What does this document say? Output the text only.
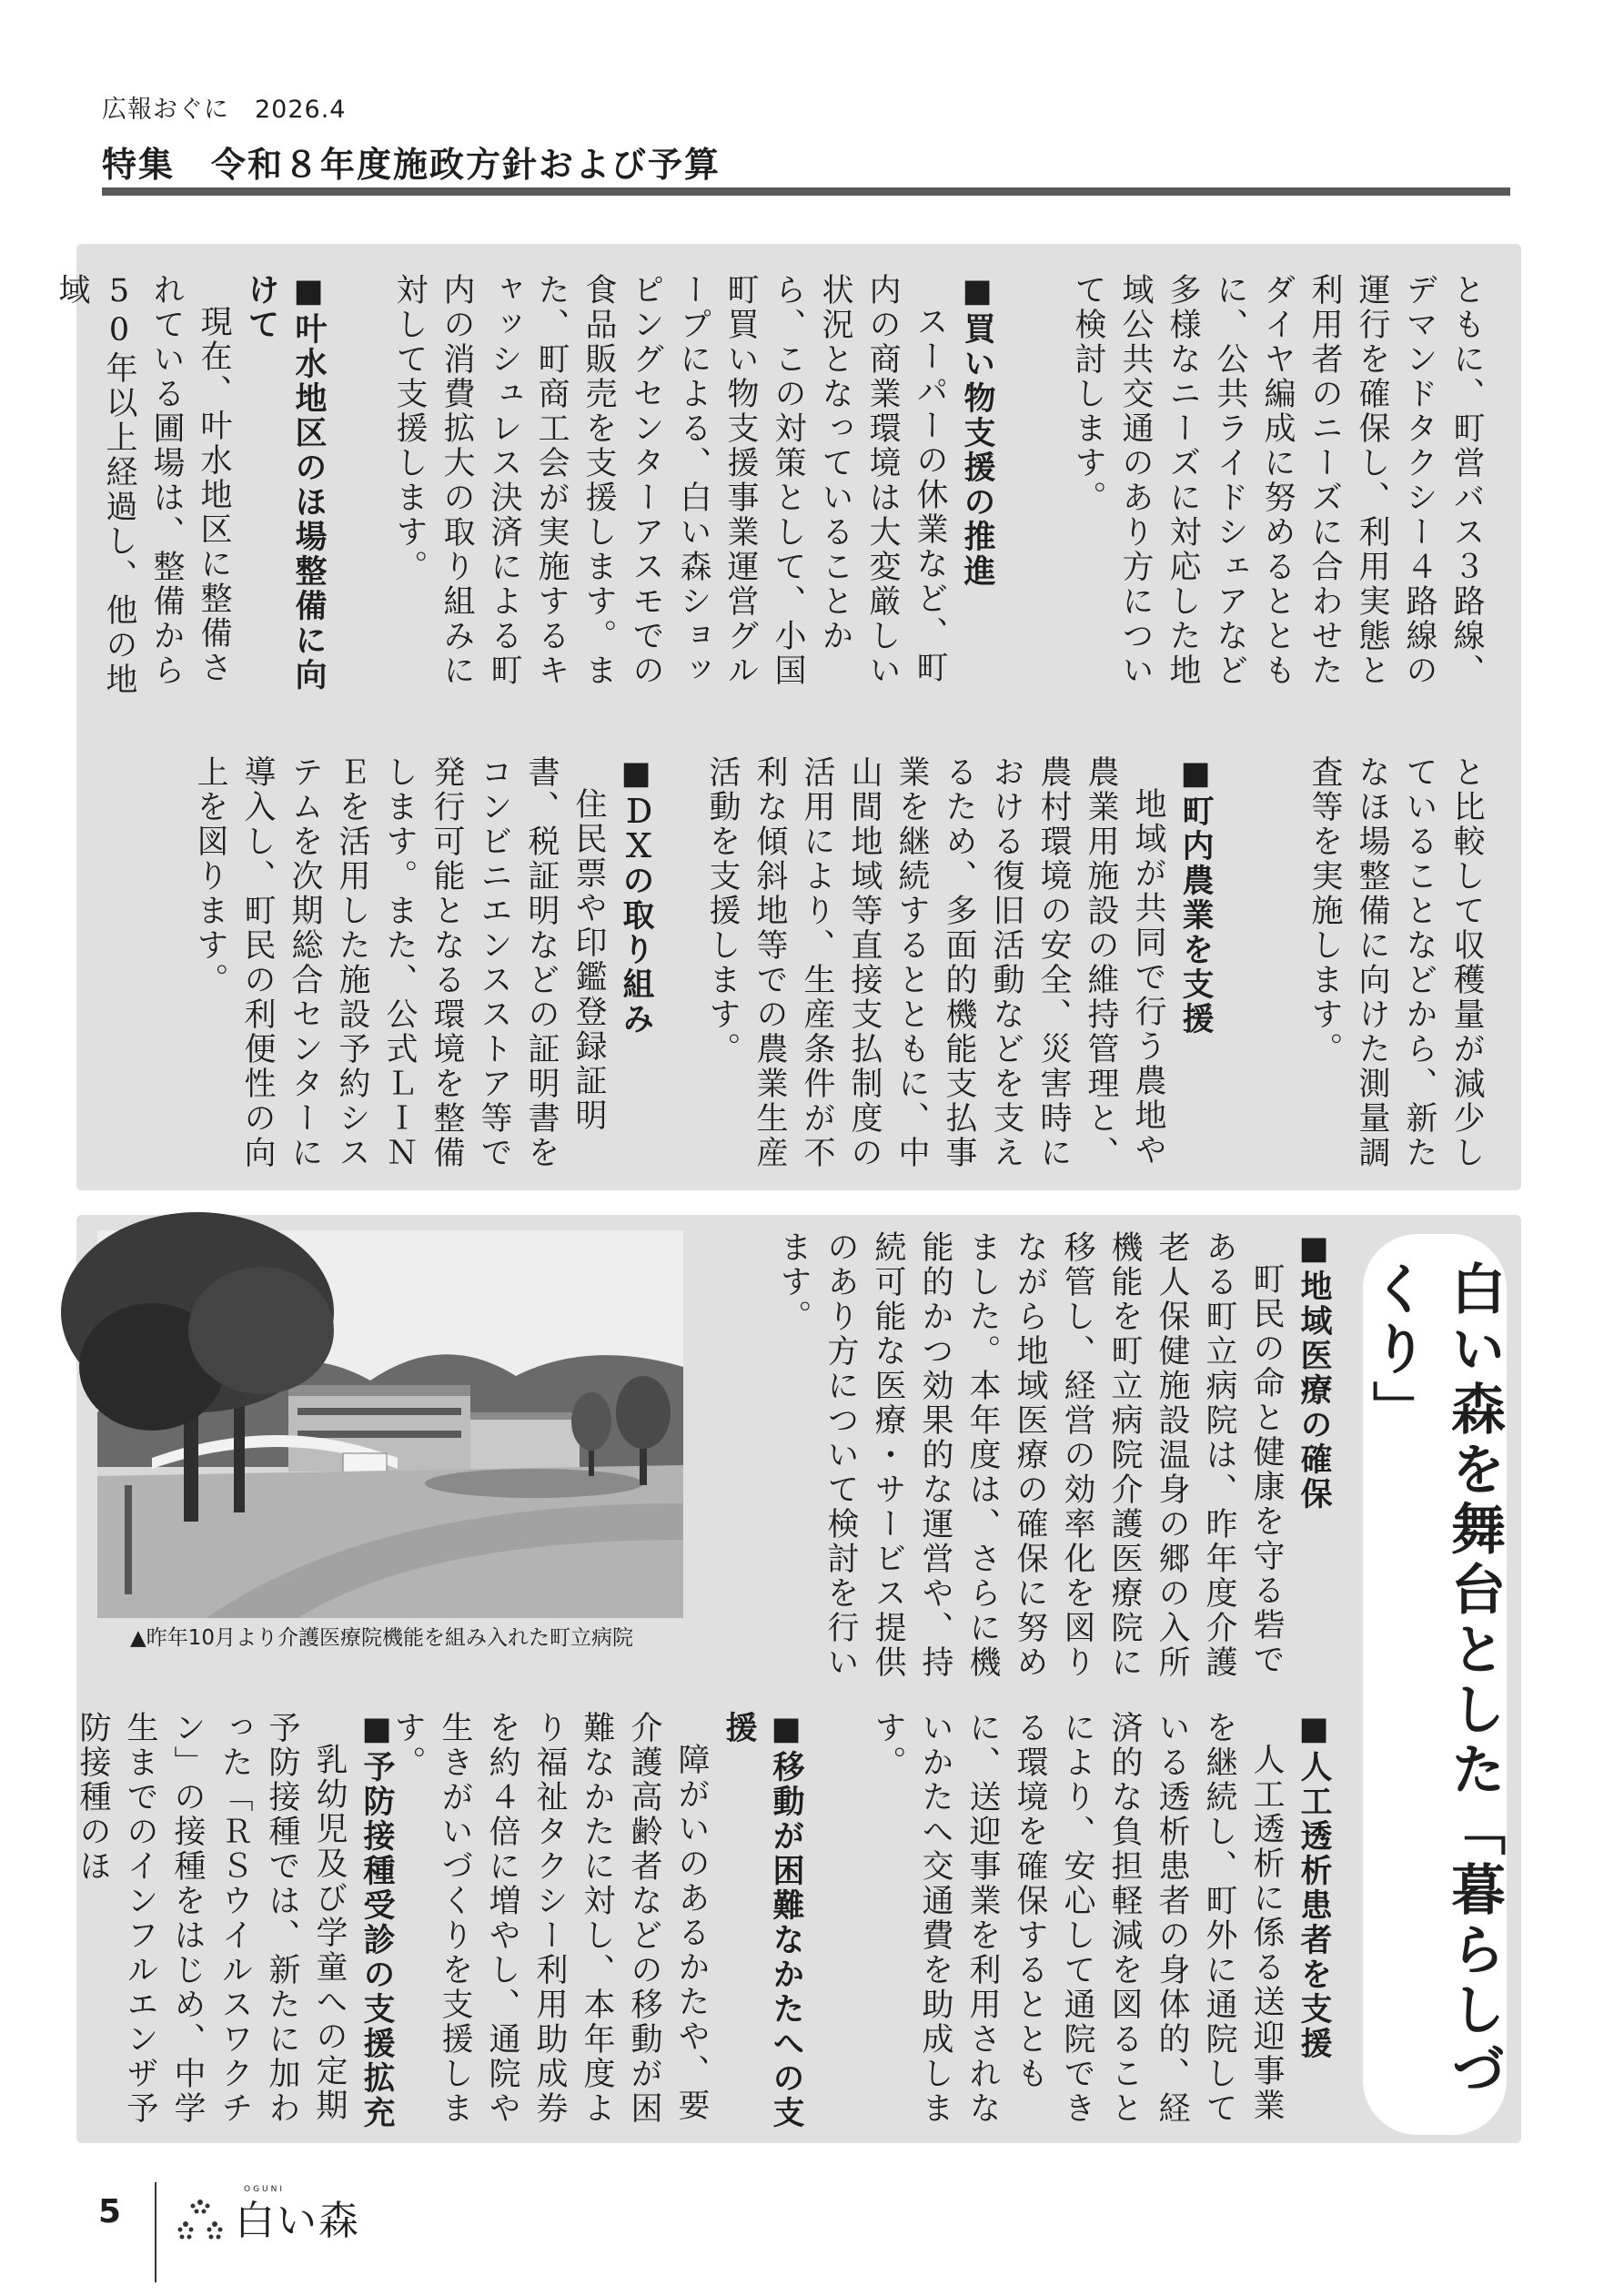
広報おぐに　2026.4
特集　令和８年度施政方針および予算
ともに、町営バス３路線、デマンドタクシー４路線の運行を確保し、利用実態と利用者のニーズに合わせたダイヤ編成に努めるとともに、公共ライドシェアなど多様なニーズに対応した地域公共交通のあり方について検討します。
■買い物支援の推進
スーパーの休業など、町内の商業環境は大変厳しい状況となっていることから、この対策として、小国町買い物支援事業運営グループによる、白い森ショッピングセンターアスモでの食品販売を支援します。また、町商工会が実施するキャッシュレス決済による町内の消費拡大の取り組みに対して支援します。
■叶水地区のほ場整備に向けて
現在、叶水地区に整備されている圃場は、整備から50年以上経過し、他の地域
と比較して収穫量が減少していることなどから、新たなほ場整備に向けた測量調査等を実施します。
■町内農業を支援
地域が共同で行う農地や農業用施設の維持管理と、農村環境の安全、災害時における復旧活動などを支えるため、多面的機能支払事業を継続するとともに、中山間地域等直接支払制度の活用により、生産条件が不利な傾斜地等での農業生産活動を支援します。
■ＤＸの取り組み
住民票や印鑑登録証明書、税証明などの証明書をコンビニエンスストア等で発行可能となる環境を整備します。また、公式ＬＩＮＥを活用した施設予約システムを次期総合センターに導入し、町民の利便性の向上を図ります。
白い森を舞台とした「暮らしづくり」
■地域医療の確保
町民の命と健康を守る砦である町立病院は、昨年度介護老人保健施設温身の郷の入所機能を町立病院介護医療院に移管し、経営の効率化を図りながら地域医療の確保に努めました。本年度は、さらに機能的かつ効果的な運営や、持続可能な医療・サービス提供のあり方について検討を行います。
▲昨年10月より介護医療院機能を組み入れた町立病院
■人工透析患者を支援
人工透析に係る送迎事業を継続し、町外に通院している透析患者の身体的、経済的な負担軽減を図ることにより、安心して通院できる環境を確保するとともに、送迎事業を利用されないかたへ交通費を助成します。
■移動が困難なかたへの支援
障がいのあるかたや、要介護高齢者などの移動が困難なかたに対し、本年度より福祉タクシー利用助成券を約４倍に増やし、通院や生きがいづくりを支援します。
■予防接種受診の支援拡充
乳幼児及び学童への定期予防接種では、新たに加わった「ＲＳウイルスワクチン」の接種をはじめ、中学生までのインフルエンザ予防接種のほ
5
OGUNI
白い森
